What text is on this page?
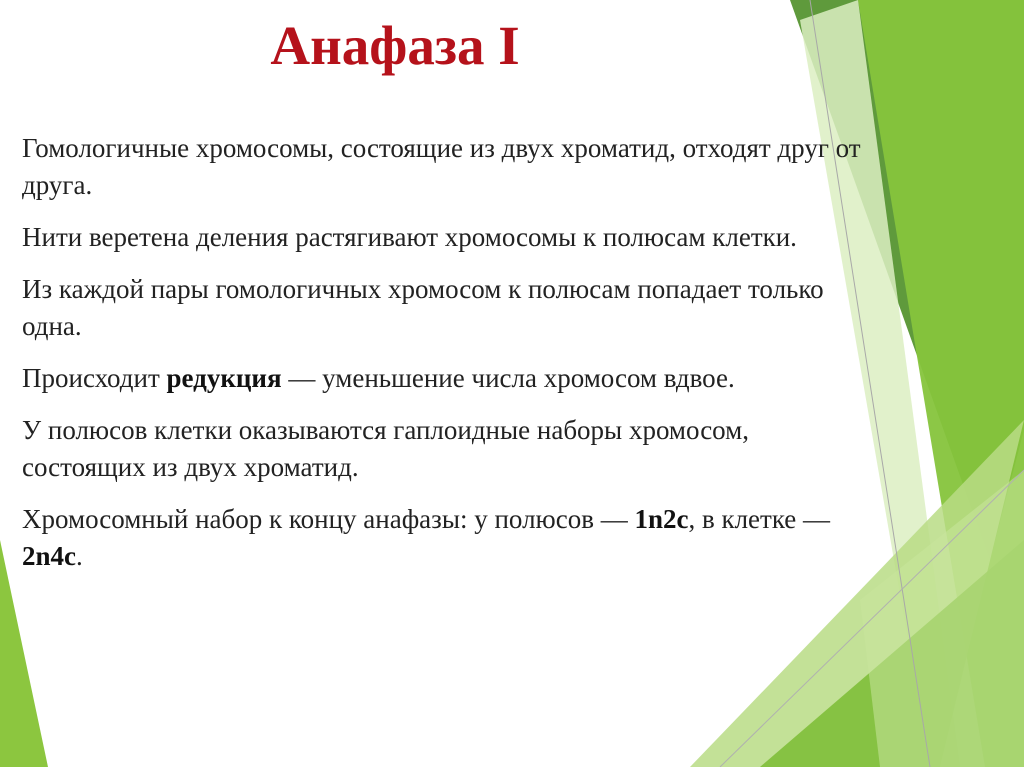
Анафаза I

Гомологичные хромосомы, состоящие из двух хроматид, отходят друг от друга.

Нити веретена деления растягивают хромосомы к полюсам клетки.

Из каждой пары гомологичных хромосом к полюсам попадает только одна.

Происходит редукция — уменьшение числа хромосом вдвое.

У полюсов клетки оказываются гаплоидные наборы хромосом, состоящих из двух хроматид.

Хромосомный набор к концу анафазы: у полюсов — 1n2c, в клетке — 2n4c.
